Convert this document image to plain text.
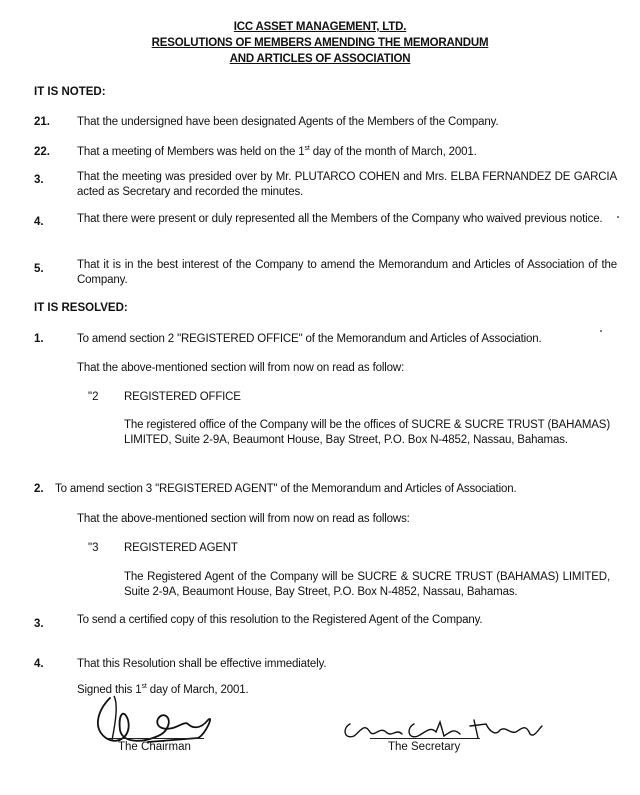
ICC ASSET MANAGEMENT, LTD.
RESOLUTIONS OF MEMBERS AMENDING THE MEMORANDUM
AND ARTICLES OF ASSOCIATION
IT IS NOTED:
21. That the undersigned have been designated Agents of the Members of the Company.
22. That a meeting of Members was held on the 1st day of the month of March, 2001.
3.	That the meeting was presided over by Mr. PLUTARCO COHEN and Mrs. ELBA FERNANDEZ DE GARCIA acted as Secretary and recorded the minutes.
4.	That there were present or duly represented all the Members of the Company who waived previous notice.
5.	That it is in the best interest of the Company to amend the Memorandum and Articles of Association of the Company.
IT IS RESOLVED:
1.	To amend section 2 "REGISTERED OFFICE" of the Memorandum and Articles of Association.
That the above-mentioned section will from now on read as follow:
"2 REGISTERED OFFICE
The registered office of the Company will be the offices of SUCRE & SUCRE TRUST (BAHAMAS) LIMITED, Suite 2-9A, Beaumont House, Bay Street, P.O. Box N-4852, Nassau, Bahamas.
2. To amend section 3 "REGISTERED AGENT" of the Memorandum and Articles of Association.
That the above-mentioned section will from now on read as follows:
"3 REGISTERED AGENT
The Registered Agent of the Company will be SUCRE & SUCRE TRUST (BAHAMAS) LIMITED, Suite 2-9A, Beaumont House, Bay Street, P.O. Box N-4852, Nassau, Bahamas.
3.	To send a certified copy of this resolution to the Registered Agent of the Company.
4.	That this Resolution shall be effective immediately.
Signed this 1st day of March, 2001.
The Chairman	The Secretary
